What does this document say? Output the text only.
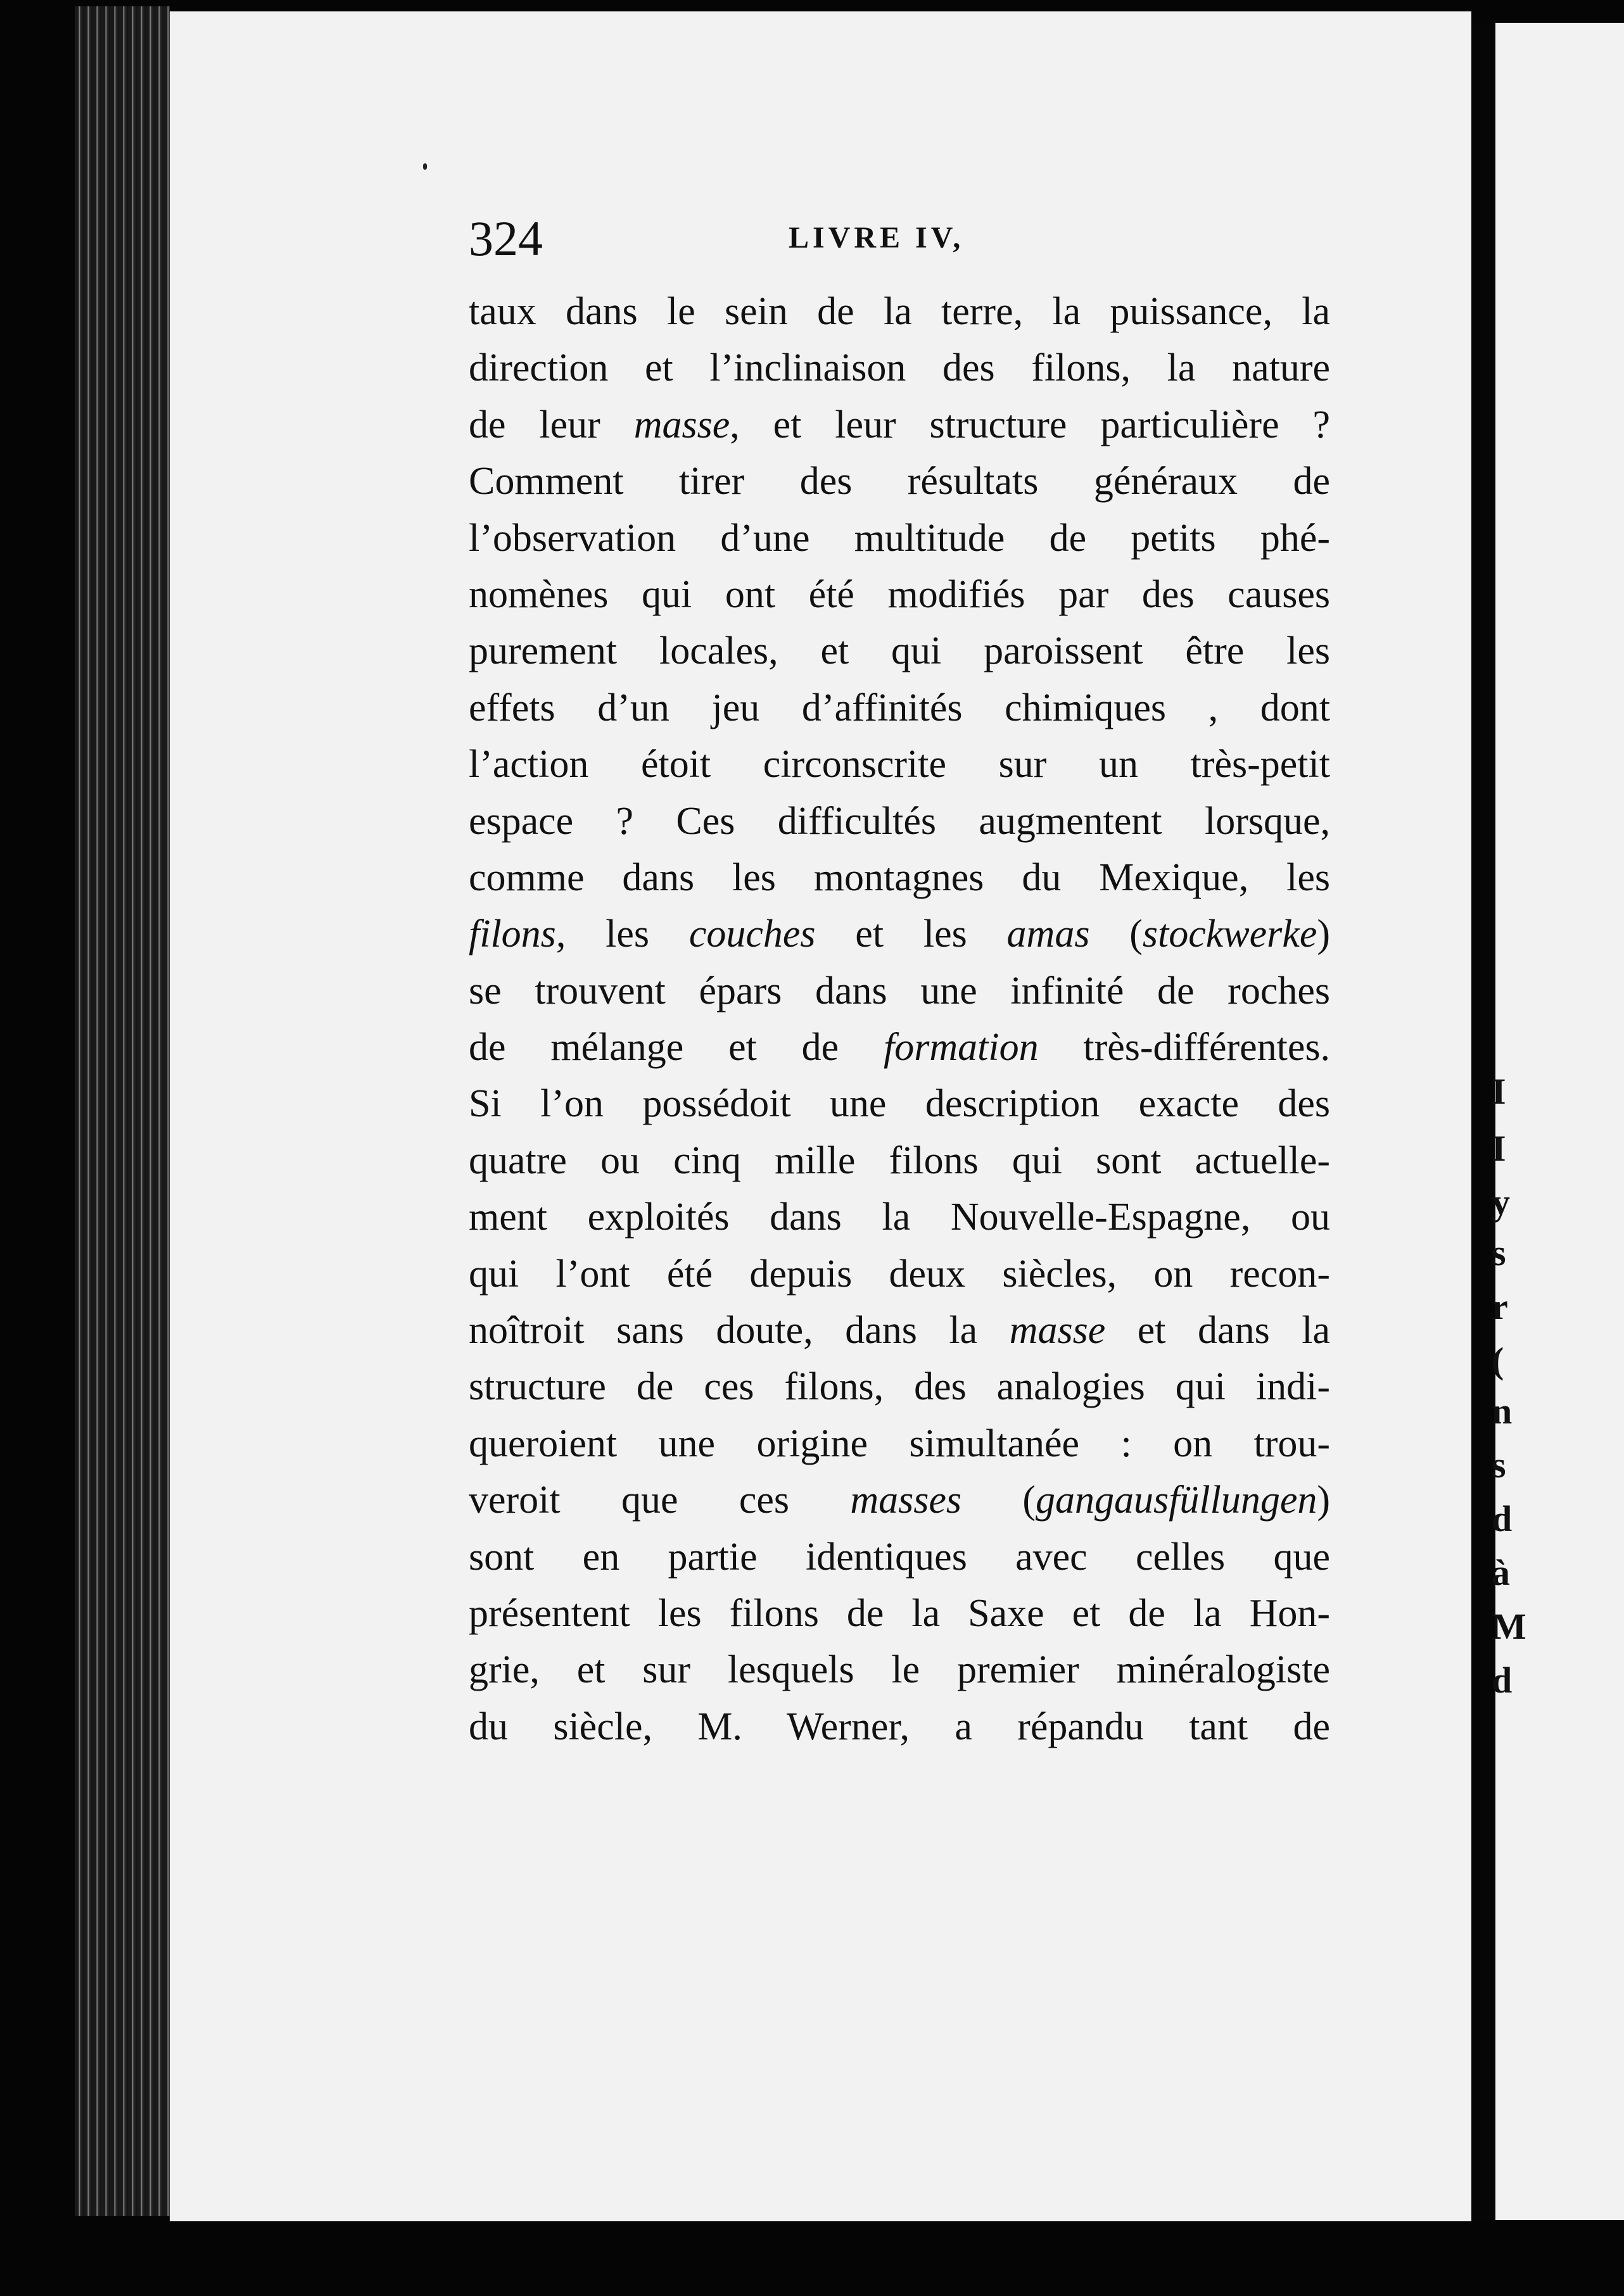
I
I
y
s
r
(
n
s
d
à
M
d
324	LIVRE IV,
taux dans le sein de la terre, la puissance, la
direction et l’inclinaison des filons, la nature
de leur masse, et leur structure particulière ?
Comment tirer des résultats généraux de
l’observation d’une multitude de petits phé-
nomènes qui ont été modifiés par des causes
purement locales, et qui paroissent être les
effets d’un jeu d’affinités chimiques , dont
l’action étoit circonscrite sur un très-petit
espace ? Ces difficultés augmentent lorsque,
comme dans les montagnes du Mexique, les
filons, les couches et les amas (stockwerke)
se trouvent épars dans une infinité de roches
de mélange et de formation très-différentes.
Si l’on possédoit une description exacte des
quatre ou cinq mille filons qui sont actuelle-
ment exploités dans la Nouvelle-Espagne, ou
qui l’ont été depuis deux siècles, on recon-
noîtroit sans doute, dans la masse et dans la
structure de ces filons, des analogies qui indi-
queroient une origine simultanée : on trou-
veroit que ces masses (gangausfüllungen)
sont en partie identiques avec celles que
présentent les filons de la Saxe et de la Hon-
grie, et sur lesquels le premier minéralogiste
du siècle, M. Werner, a répandu tant de
